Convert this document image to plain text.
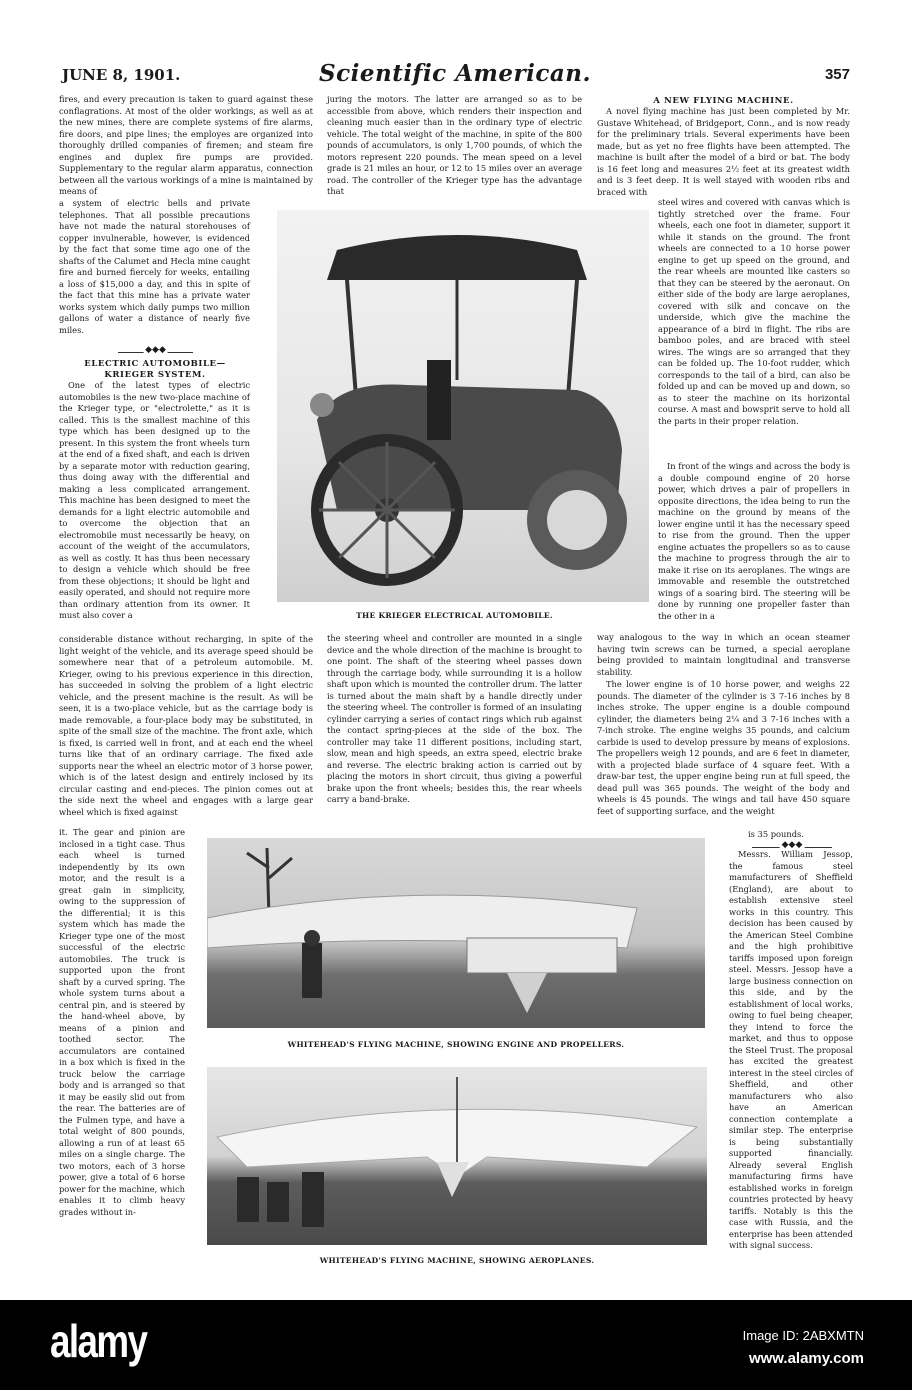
JUNE 8, 1901.	Scientific American.	357

fires, and every precaution is taken to guard against these conflagrations. At most of the older workings, as well as at the new mines, there are complete systems of fire alarms, fire doors, and pipe lines; the employes are organized into thoroughly drilled companies of firemen; and steam fire engines and duplex fire pumps are provided. Supplementary to the regular alarm apparatus, connection between all the various workings of a mine is maintained by means of

a system of electric bells and private telephones. That all possible precautions have not made the natural storehouses of copper invulnerable, however, is evidenced by the fact that some time ago one of the shafts of the Calumet and Hecla mine caught fire and burned fiercely for weeks, entailing a loss of $15,000 a day, and this in spite of the fact that this mine has a private water works system which daily pumps two million gallons of water a distance of nearly five miles.

◆◆◆
ELECTRIC AUTOMOBILE—KRIEGER SYSTEM.

One of the latest types of electric automobiles is the new two-place machine of the Krieger type, or "electrolette," as it is called. This is the smallest machine of this type which has been designed up to the present. In this system the front wheels turn at the end of a fixed shaft, and each is driven by a separate motor with reduction gearing, thus doing away with the differential and making a less complicated arrangement. This machine has been designed to meet the demands for a light electric automobile and to overcome the objection that an electromobile must necessarily be heavy, on account of the weight of the accumulators, as well as costly. It has thus been necessary to design a vehicle which should be free from these objections; it should be light and easily operated, and should not require more than ordinary attention from its owner. It must also cover a

considerable distance without recharging, in spite of the light weight of the vehicle, and its average speed should be somewhere near that of a petroleum automobile. M. Krieger, owing to his previous experience in this direction, has succeeded in solving the problem of a light electric vehicle, and the present machine is the result. As will be seen, it is a two-place vehicle, but as the carriage body is made removable, a four-place body may be substituted, in spite of the small size of the machine. The front axle, which is fixed, is carried well in front, and at each end the wheel turns like that of an ordinary carriage. The fixed axle supports near the wheel an electric motor of 3 horse power, which is of the latest design and entirely inclosed by its circular casting and end-pieces. The pinion comes out at the side next the wheel and engages with a large gear wheel which is fixed against

it. The gear and pinion are inclosed in a tight case. Thus each wheel is turned independently by its own motor, and the result is a great gain in simplicity, owing to the suppression of the differential; it is this system which has made the Krieger type one of the most successful of the electric automobiles. The truck is supported upon the front shaft by a curved spring. The whole system turns about a central pin, and is steered by the hand-wheel above, by means of a pinion and toothed sector. The accumulators are contained in a box which is fixed in the truck below the carriage body and is arranged so that it may be easily slid out from the rear. The batteries are of the Fulmen type, and have a total weight of 800 pounds, allowing a run of at least 65 miles on a single charge. The two motors, each of 3 horse power, give a total of 6 horse power for the machine, which enables it to climb heavy grades without in-

juring the motors. The latter are arranged so as to be accessible from above, which renders their inspection and cleaning much easier than in the ordinary type of electric vehicle. The total weight of the machine, in spite of the 800 pounds of accumulators, is only 1,700 pounds, of which the motors represent 220 pounds. The mean speed on a level grade is 21 miles an hour, or 12 to 15 miles over an average road. The controller of the Krieger type has the advantage that

THE KRIEGER ELECTRICAL AUTOMOBILE.

the steering wheel and controller are mounted in a single device and the whole direction of the machine is brought to one point. The shaft of the steering wheel passes down through the carriage body, while surrounding it is a hollow shaft upon which is mounted the controller drum. The latter is turned about the main shaft by a handle directly under the steering wheel. The controller is formed of an insulating cylinder carrying a series of contact rings which rub against the contact spring-pieces at the side of the box. The controller may take 11 different positions, including start, slow, mean and high speeds, an extra speed, electric brake and reverse. The electric braking action is carried out by placing the motors in short circuit, thus giving a powerful brake upon the front wheels; besides this, the rear wheels carry a band-brake.

A NEW FLYING MACHINE.

A novel flying machine has just been completed by Mr. Gustave Whitehead, of Bridgeport, Conn., and is now ready for the preliminary trials. Several experiments have been made, but as yet no free flights have been attempted. The machine is built after the model of a bird or bat. The body is 16 feet long and measures 2½ feet at its greatest width and is 3 feet deep. It is well stayed with wooden ribs and braced with

steel wires and covered with canvas which is tightly stretched over the frame. Four wheels, each one foot in diameter, support it while it stands on the ground. The front wheels are connected to a 10 horse power engine to get up speed on the ground, and the rear wheels are mounted like casters so that they can be steered by the aeronaut. On either side of the body are large aeroplanes, covered with silk and concave on the underside, which give the machine the appearance of a bird in flight. The ribs are bamboo poles, and are braced with steel wires. The wings are so arranged that they can be folded up. The 10-foot rudder, which corresponds to the tail of a bird, can also be folded up and can be moved up and down, so as to steer the machine on its horizontal course. A mast and bowsprit serve to hold all the parts in their proper relation.

In front of the wings and across the body is a double compound engine of 20 horse power, which drives a pair of propellers in opposite directions, the idea being to run the machine on the ground by means of the lower engine until it has the necessary speed to rise from the ground. Then the upper engine actuates the propellers so as to cause the machine to progress through the air to make it rise on its aeroplanes. The wings are immovable and resemble the outstretched wings of a soaring bird. The steering will be done by running one propeller faster than the other in a

way analogous to the way in which an ocean steamer having twin screws can be turned, a special aeroplane being provided to maintain longitudinal and transverse stability.

The lower engine is of 10 horse power, and weighs 22 pounds. The diameter of the cylinder is 3 7-16 inches by 8 inches stroke. The upper engine is a double compound cylinder, the diameters being 2¼ and 3 7-16 inches with a 7-inch stroke. The engine weighs 35 pounds, and calcium carbide is used to develop pressure by means of explosions. The propellers weigh 12 pounds, and are 6 feet in diameter, with a projected blade surface of 4 square feet. With a draw-bar test, the upper engine being run at full speed, the dead pull was 365 pounds. The weight of the body and wheels is 45 pounds. The wings and tail have 450 square feet of supporting surface, and the weight

is 35 pounds.

◆◆◆

Messrs. William Jessop, the famous steel manufacturers of Sheffield (England), are about to establish extensive steel works in this country. This decision has been caused by the American Steel Combine and the high prohibitive tariffs imposed upon foreign steel. Messrs. Jessop have a large business connection on this side, and by the establishment of local works, owing to fuel being cheaper, they intend to force the market, and thus to oppose the Steel Trust. The proposal has excited the greatest interest in the steel circles of Sheffield, and other manufacturers who also have an American connection contemplate a similar step. The enterprise is being substantially supported financially. Already several English manufacturing firms have established works in foreign countries protected by heavy tariffs. Notably is this the case with Russia, and the enterprise has been attended with signal success.

WHITEHEAD'S FLYING MACHINE, SHOWING ENGINE AND PROPELLERS.
WHITEHEAD'S FLYING MACHINE, SHOWING AEROPLANES.
alamy	Image ID: 2ABXMTN
www.alamy.com
